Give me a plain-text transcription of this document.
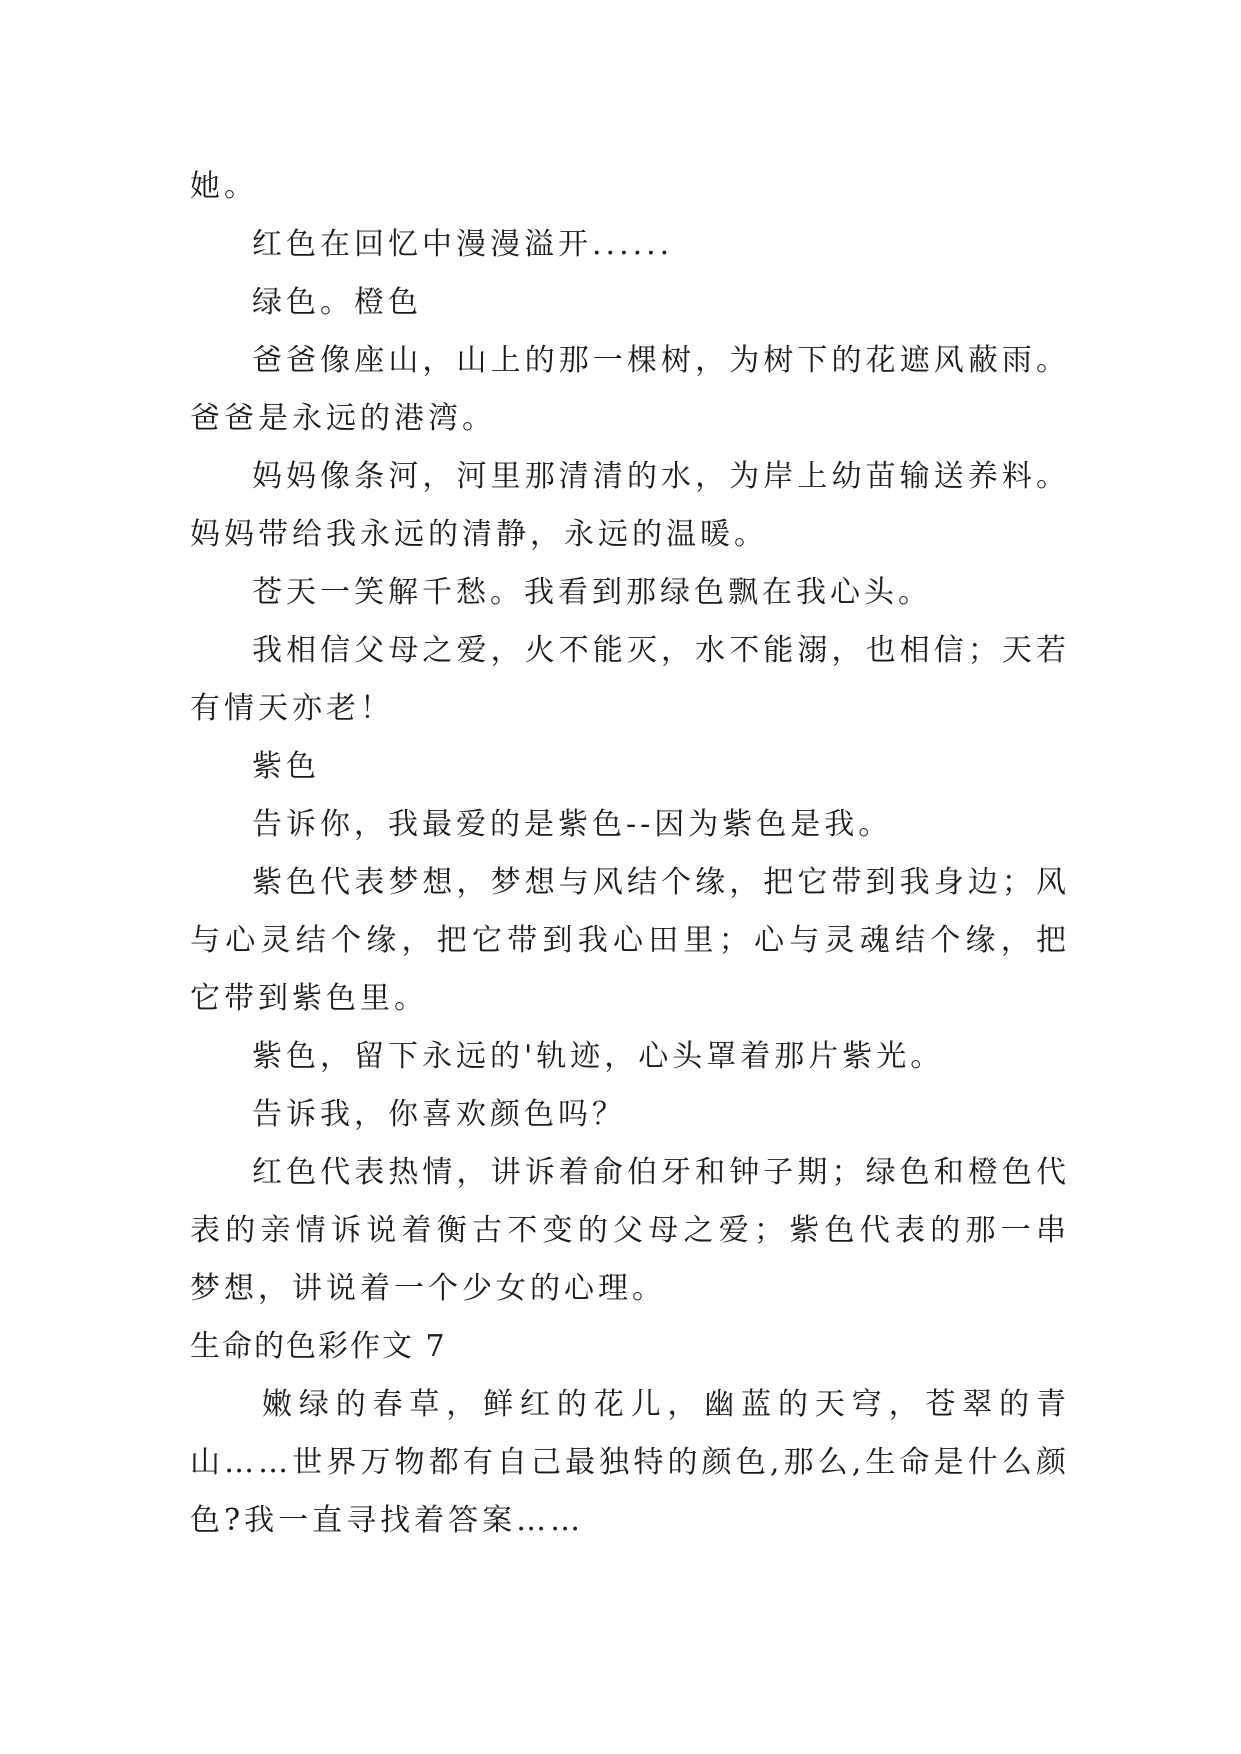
她。

红色在回忆中漫漫溢开......

绿色。橙色

爸爸像座山，山上的那一棵树，为树下的花遮风蔽雨。爸爸是永远的港湾。

妈妈像条河，河里那清清的水，为岸上幼苗输送养料。妈妈带给我永远的清静，永远的温暖。

苍天一笑解千愁。我看到那绿色飘在我心头。

我相信父母之爱，火不能灭，水不能溺，也相信；天若有情天亦老！

紫色

告诉你，我最爱的是紫色--因为紫色是我。

紫色代表梦想，梦想与风结个缘，把它带到我身边；风与心灵结个缘，把它带到我心田里；心与灵魂结个缘，把它带到紫色里。

紫色，留下永远的'轨迹，心头罩着那片紫光。

告诉我，你喜欢颜色吗？

红色代表热情，讲诉着俞伯牙和钟子期；绿色和橙色代表的亲情诉说着衡古不变的父母之爱；紫色代表的那一串梦想，讲说着一个少女的心理。

生命的色彩作文 7

嫩绿的春草，鲜红的花儿，幽蓝的天穹，苍翠的青山……世界万物都有自己最独特的颜色,那么,生命是什么颜色?我一直寻找着答案……
